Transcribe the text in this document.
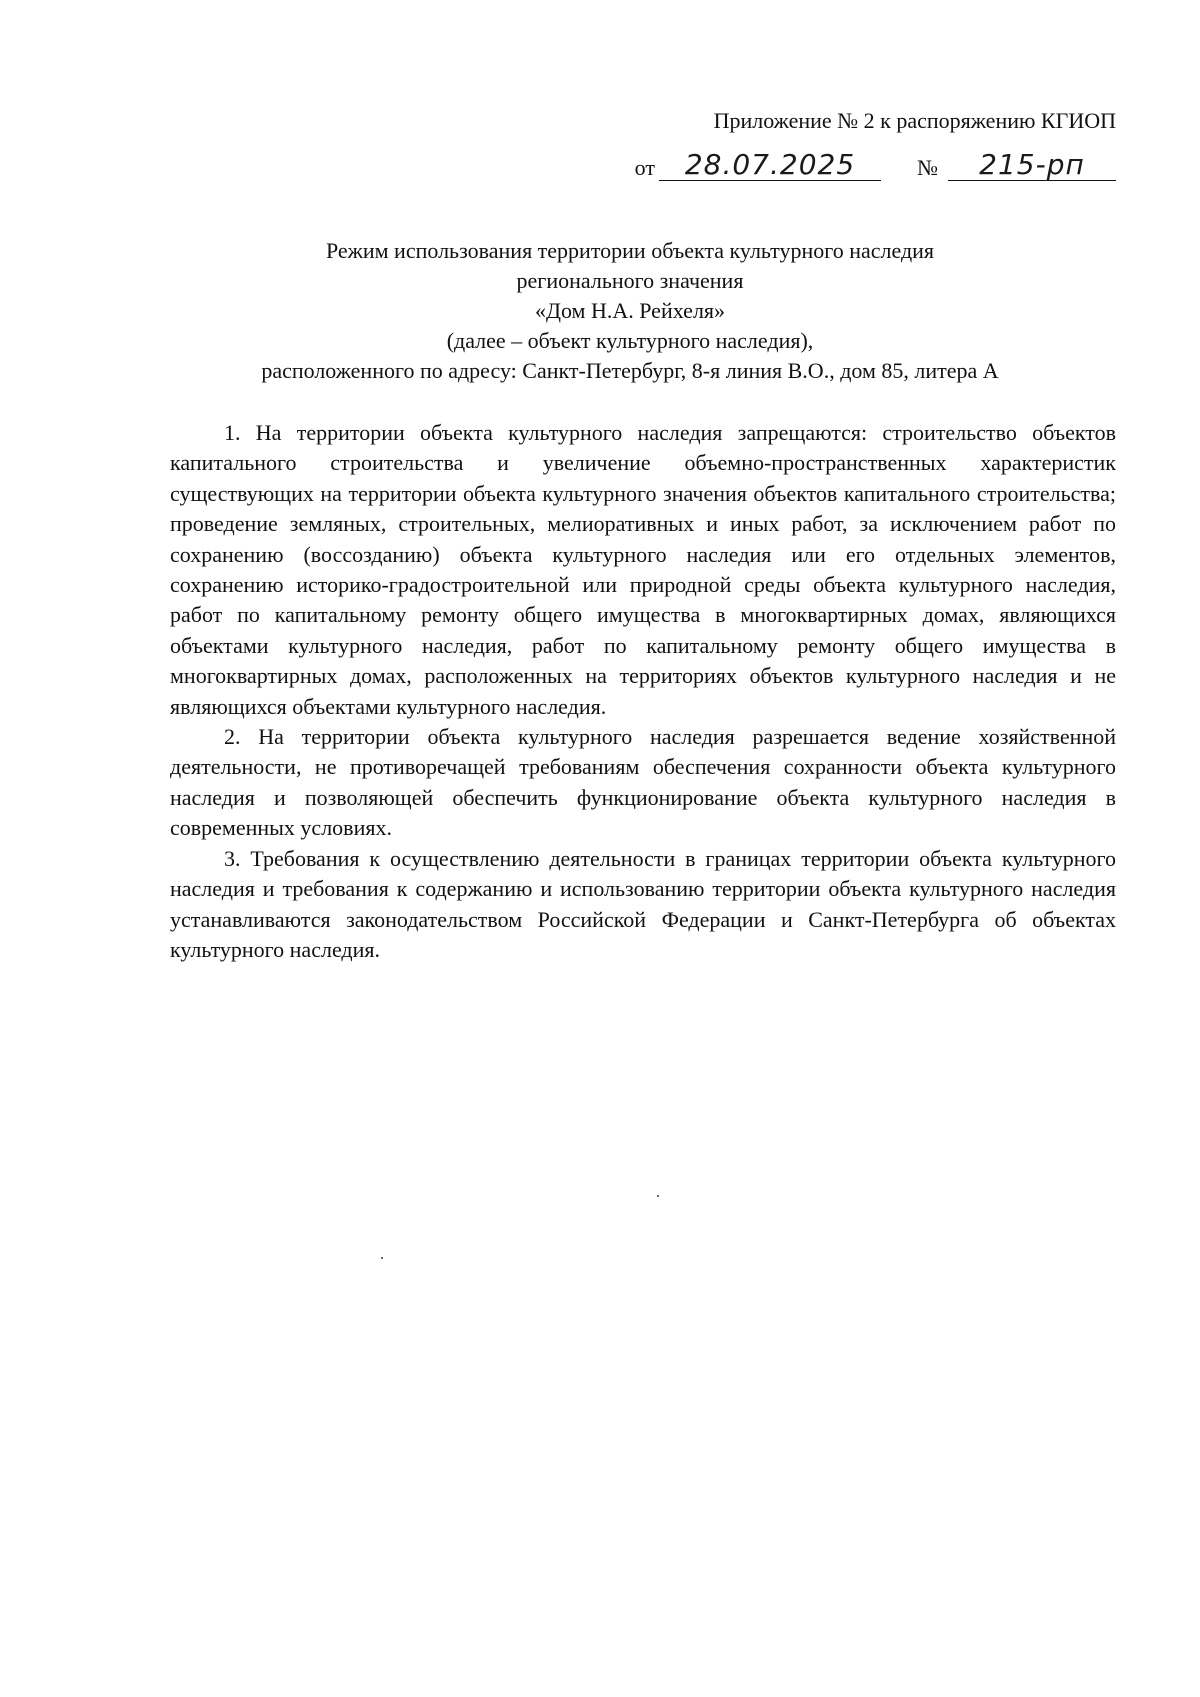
Приложение № 2 к распоряжению КГИОП
от	28.07.2025	№	215-рп
Режим использования территории объекта культурного наследия
регионального значения
«Дом Н.А. Рейхеля»
(далее – объект культурного наследия),
расположенного по адресу: Санкт-Петербург, 8-я линия В.О., дом 85, литера А

1. На территории объекта культурного наследия запрещаются: строительство объектов капитального строительства и увеличение объемно-пространственных характеристик существующих на территории объекта культурного значения объектов капитального строительства; проведение земляных, строительных, мелиоративных и иных работ, за исключением работ по сохранению (воссозданию) объекта культурного наследия или его отдельных элементов, сохранению историко-градостроительной или природной среды объекта культурного наследия, работ по капитальному ремонту общего имущества в многоквартирных домах, являющихся объектами культурного наследия, работ по капитальному ремонту общего имущества в многоквартирных домах, расположенных на территориях объектов культурного наследия и не являющихся объектами культурного наследия.

2. На территории объекта культурного наследия разрешается ведение хозяйственной деятельности, не противоречащей требованиям обеспечения сохранности объекта культурного наследия и позволяющей обеспечить функционирование объекта культурного наследия в современных условиях.

3. Требования к осуществлению деятельности в границах территории объекта культурного наследия и требования к содержанию и использованию территории объекта культурного наследия устанавливаются законодательством Российской Федерации и Санкт-Петербурга об объектах культурного наследия.
